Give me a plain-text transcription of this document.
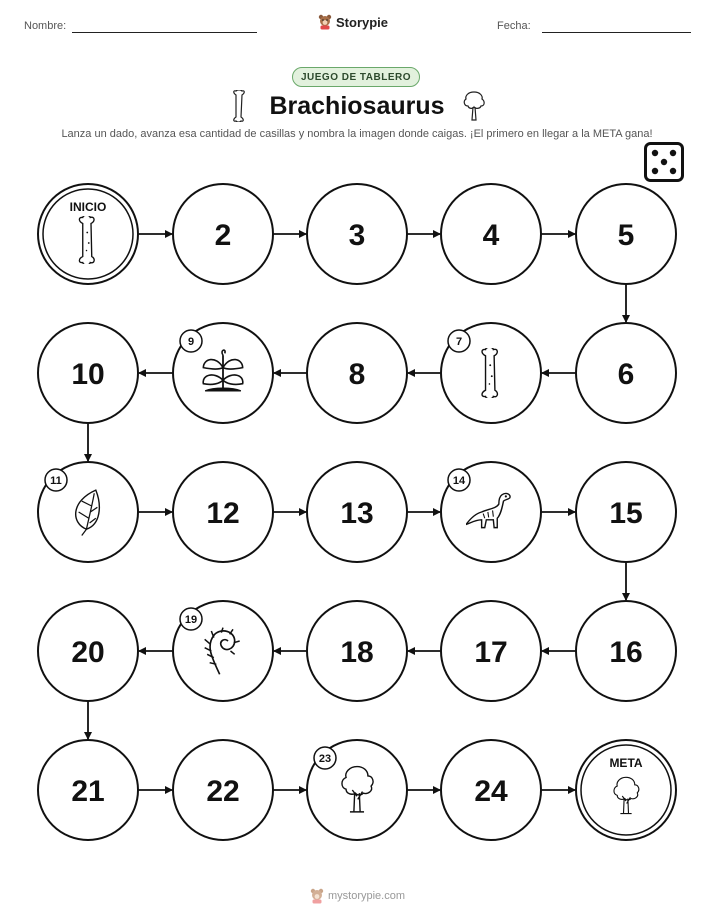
Nombre:	Fecha:
Storypie
JUEGO DE TABLERO
Brachiosaurus
Lanza un dado, avanza esa cantidad de casillas y nombra la imagen donde caigas. ¡El primero en llegar a la META gana!
INICIO
2	3	4	5
6
7
8
9
10
11
12	13
14
15
16
17
18
19
20
21	22
23
24
META
mystorypie.com
